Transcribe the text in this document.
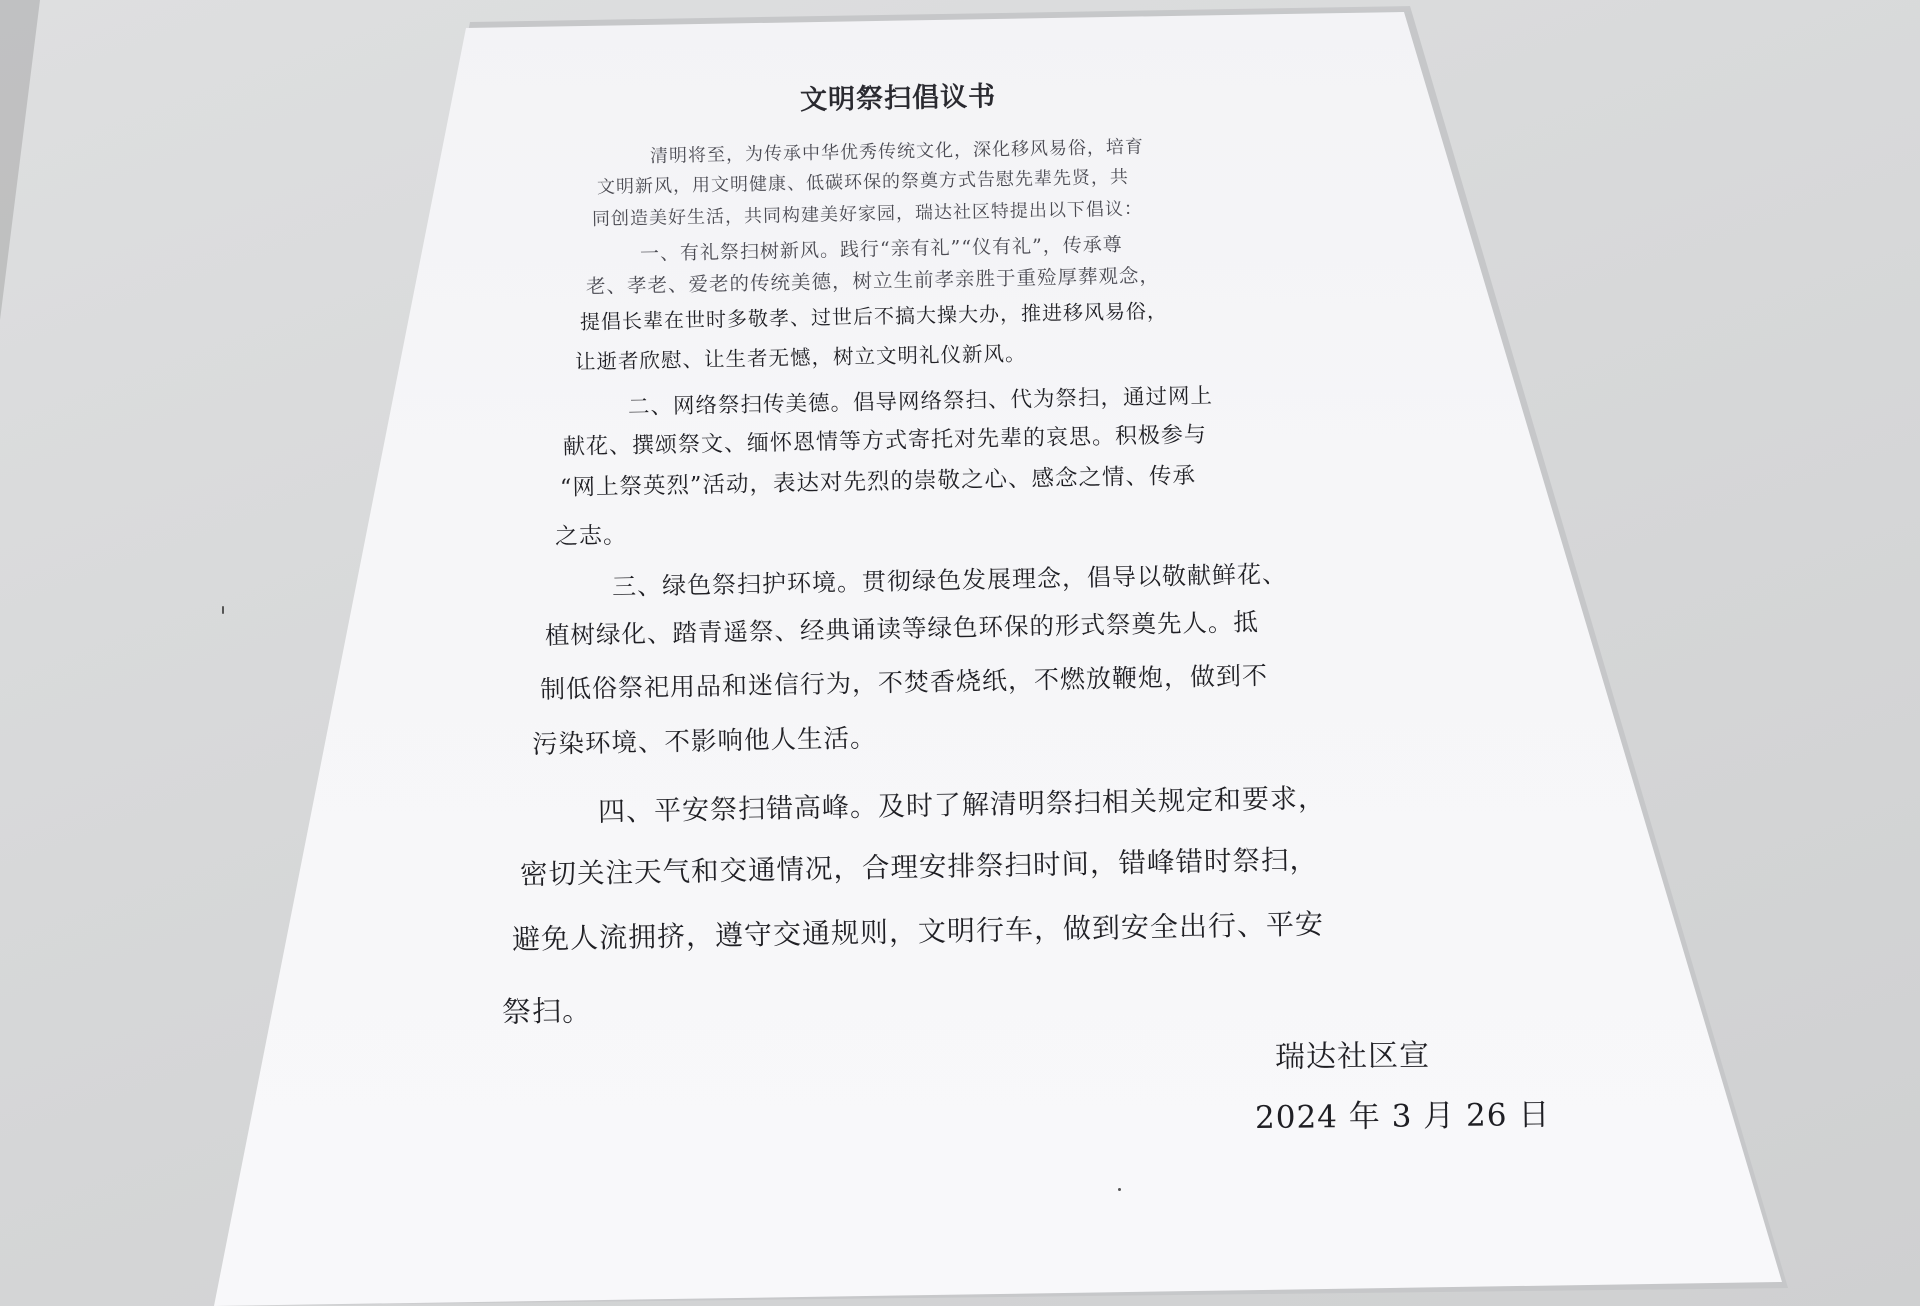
文明祭扫倡议书
清明将至，为传承中华优秀传统文化，深化移风易俗，培育
文明新风，用文明健康、低碳环保的祭奠方式告慰先辈先贤，共
同创造美好生活，共同构建美好家园，瑞达社区特提出以下倡议：
一、有礼祭扫树新风。践行“亲有礼”“仪有礼”，传承尊
老、孝老、爱老的传统美德，树立生前孝亲胜于重殓厚葬观念，
提倡长辈在世时多敬孝、过世后不搞大操大办，推进移风易俗，
让逝者欣慰、让生者无憾，树立文明礼仪新风。
二、网络祭扫传美德。倡导网络祭扫、代为祭扫，通过网上
献花、撰颂祭文、缅怀恩情等方式寄托对先辈的哀思。积极参与
“网上祭英烈”活动，表达对先烈的崇敬之心、感念之情、传承
之志。
三、绿色祭扫护环境。贯彻绿色发展理念，倡导以敬献鲜花、
植树绿化、踏青遥祭、经典诵读等绿色环保的形式祭奠先人。抵
制低俗祭祀用品和迷信行为，不焚香烧纸，不燃放鞭炮，做到不
污染环境、不影响他人生活。
四、平安祭扫错高峰。及时了解清明祭扫相关规定和要求，
密切关注天气和交通情况，合理安排祭扫时间，错峰错时祭扫，
避免人流拥挤，遵守交通规则，文明行车，做到安全出行、平安
祭扫。
瑞达社区宣
2024 年 3 月 26 日
